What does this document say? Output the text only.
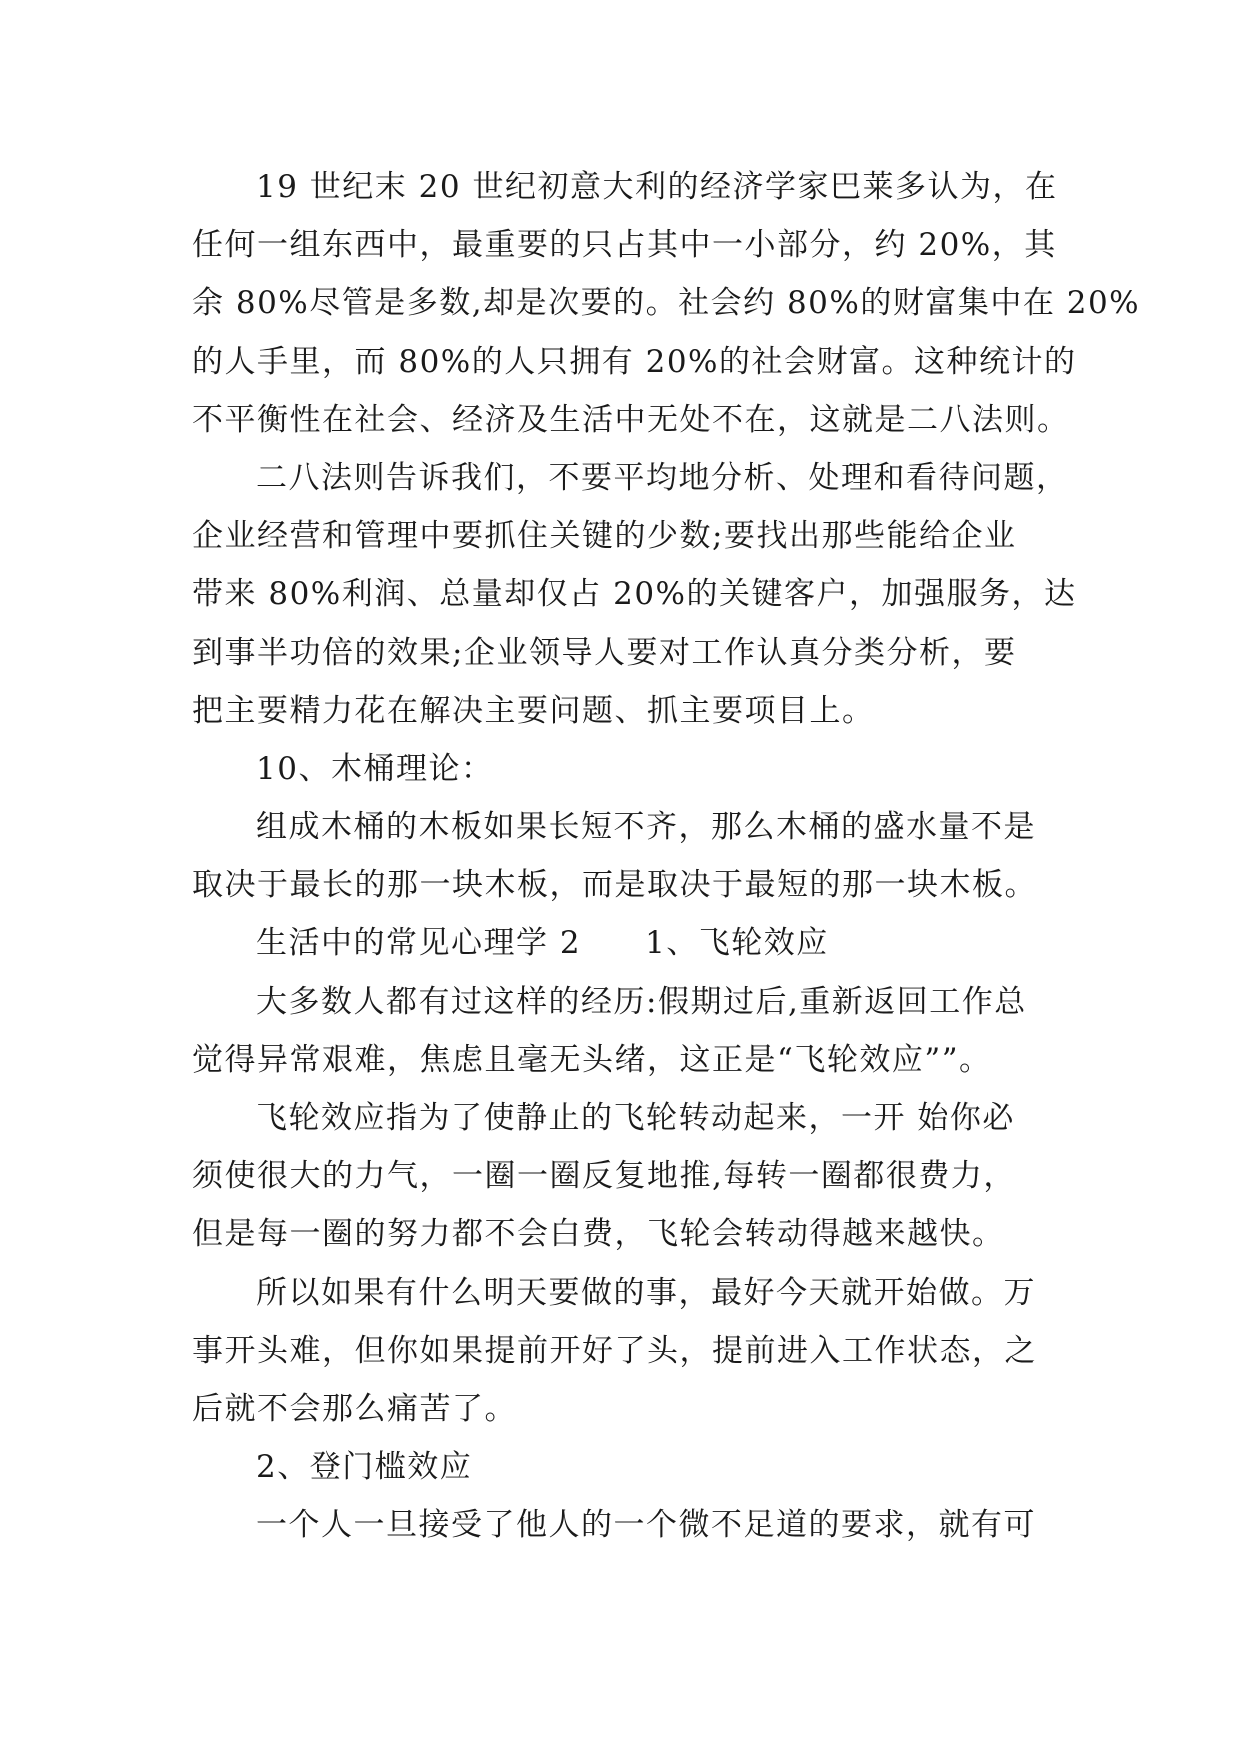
19 世纪末 20 世纪初意大利的经济学家巴莱多认为，在
任何一组东西中，最重要的只占其中一小部分，约 20%，其
余 80%尽管是多数,却是次要的。社会约 80%的财富集中在 20%
的人手里，而 80%的人只拥有 20%的社会财富。这种统计的
不平衡性在社会、经济及生活中无处不在，这就是二八法则。
二八法则告诉我们，不要平均地分析、处理和看待问题，
企业经营和管理中要抓住关键的少数;要找出那些能给企业
带来 80%利润、总量却仅占 20%的关键客户，加强服务，达
到事半功倍的效果;企业领导人要对工作认真分类分析，要
把主要精力花在解决主要问题、抓主要项目上。
10、木桶理论：
组成木桶的木板如果长短不齐，那么木桶的盛水量不是
取决于最长的那一块木板，而是取决于最短的那一块木板。
生活中的常见心理学 2 1、飞轮效应
大多数人都有过这样的经历:假期过后,重新返回工作总
觉得异常艰难，焦虑且毫无头绪，这正是“飞轮效应””。
飞轮效应指为了使静止的飞轮转动起来，一开 始你必
须使很大的力气，一圈一圈反复地推,每转一圈都很费力，
但是每一圈的努力都不会白费，飞轮会转动得越来越快。
所以如果有什么明天要做的事，最好今天就开始做。万
事开头难，但你如果提前开好了头，提前进入工作状态，之
后就不会那么痛苦了。
2、登门槛效应
一个人一旦接受了他人的一个微不足道的要求，就有可
